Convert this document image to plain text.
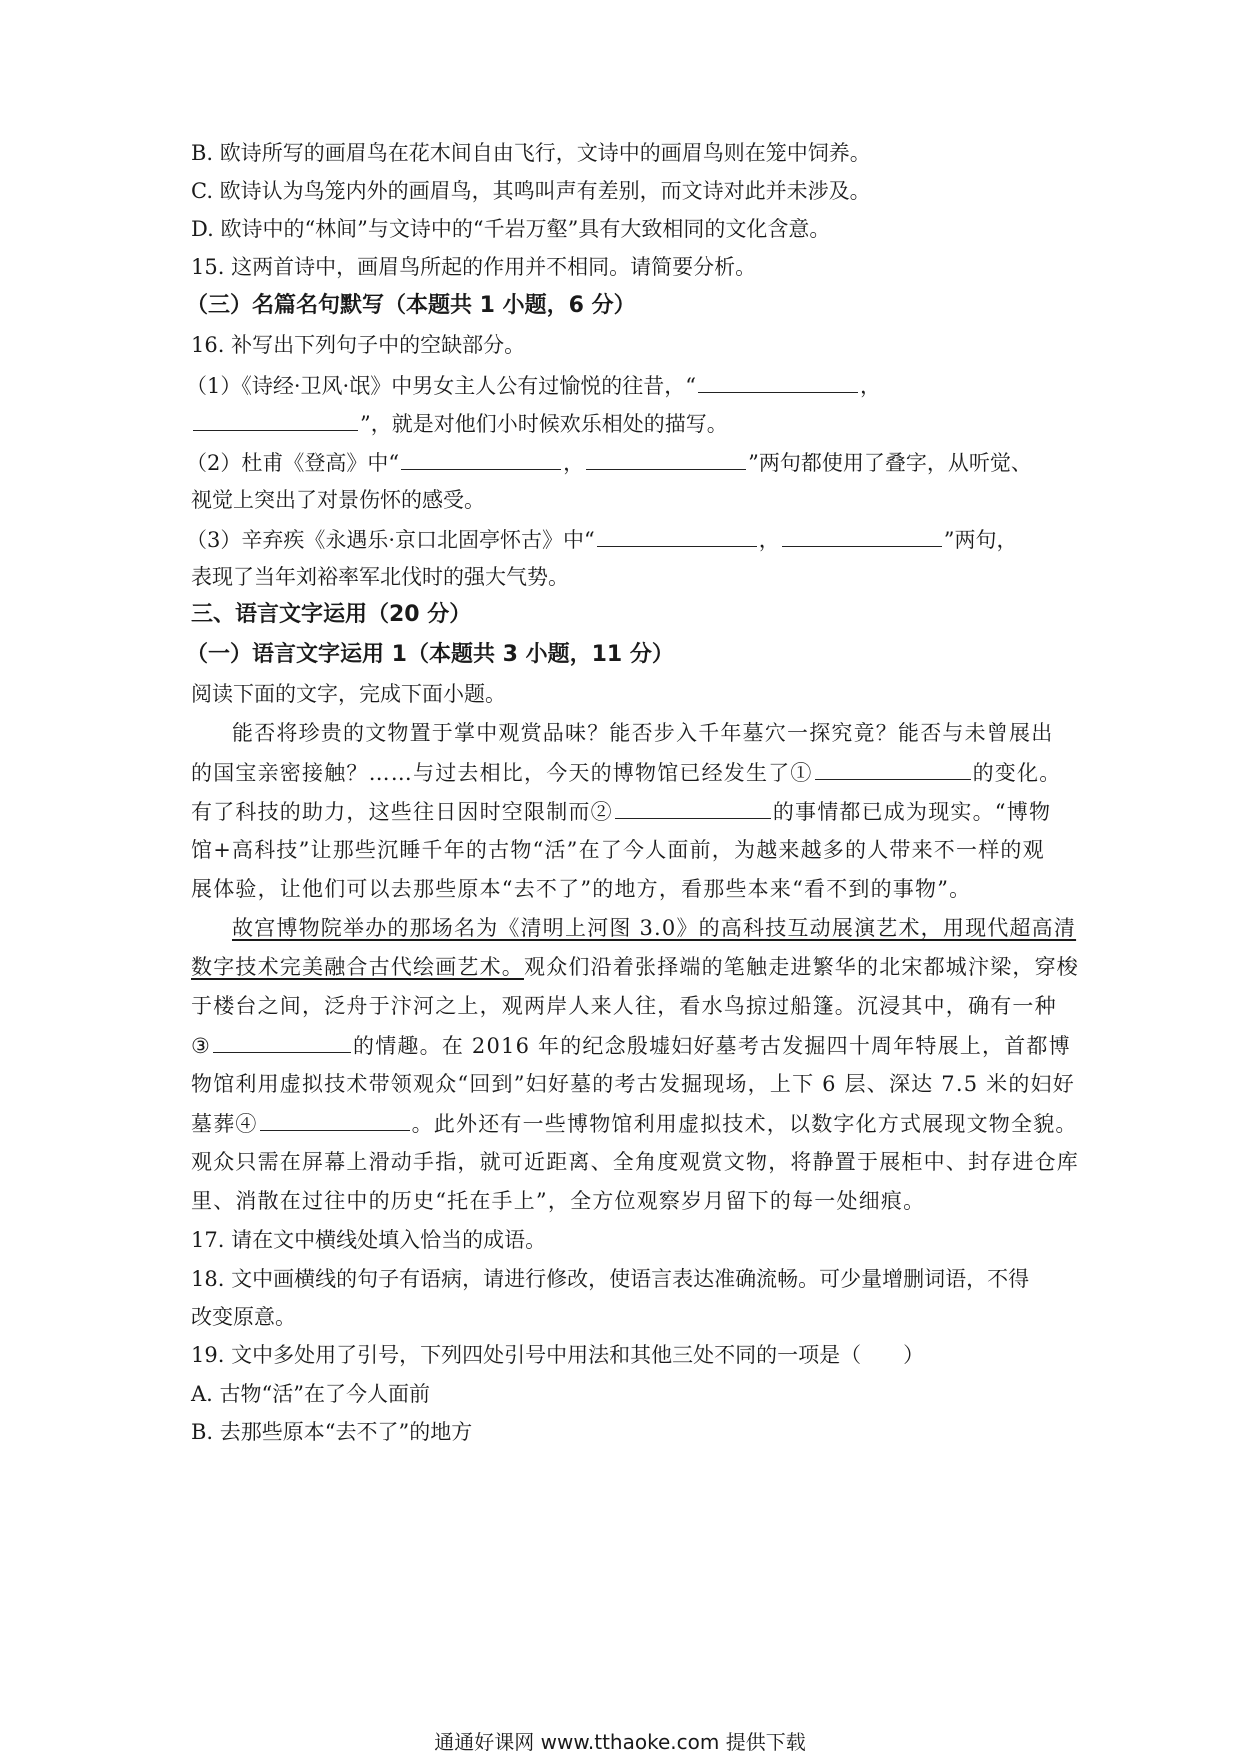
B. 欧诗所写的画眉鸟在花木间自由飞行，文诗中的画眉鸟则在笼中饲养。
C. 欧诗认为鸟笼内外的画眉鸟，其鸣叫声有差别，而文诗对此并未涉及。
D. 欧诗中的“林间”与文诗中的“千岩万壑”具有大致相同的文化含意。
15. 这两首诗中，画眉鸟所起的作用并不相同。请简要分析。
（三）名篇名句默写（本题共 1 小题，6 分）
16. 补写出下列句子中的空缺部分。
（1）《诗经·卫风·氓》中男女主人公有过愉悦的往昔，“	，
”，就是对他们小时候欢乐相处的描写。
（2）杜甫《登高》中“	，	”两句都使用了叠字，从听觉、
视觉上突出了对景伤怀的感受。
（3）辛弃疾《永遇乐·京口北固亭怀古》中“	，	”两句，
表现了当年刘裕率军北伐时的强大气势。
三、语言文字运用（20 分）
（一）语言文字运用 1（本题共 3 小题，11 分）
阅读下面的文字，完成下面小题。
能否将珍贵的文物置于掌中观赏品味？能否步入千年墓穴一探究竟？能否与未曾展出
的国宝亲密接触？……与过去相比，今天的博物馆已经发生了①	的变化。
有了科技的助力，这些往日因时空限制而②	的事情都已成为现实。“博物
馆+高科技”让那些沉睡千年的古物“活”在了今人面前，为越来越多的人带来不一样的观
展体验，让他们可以去那些原本“去不了”的地方，看那些本来“看不到的事物”。
故宫博物院举办的那场名为《清明上河图 3.0》的高科技互动展演艺术，用现代超高清
数字技术完美融合古代绘画艺术。观众们沿着张择端的笔触走进繁华的北宋都城汴梁，穿梭
于楼台之间，泛舟于汴河之上，观两岸人来人往，看水鸟掠过船篷。沉浸其中，确有一种
③	的情趣。在 2016 年的纪念殷墟妇好墓考古发掘四十周年特展上，首都博
物馆利用虚拟技术带领观众“回到”妇好墓的考古发掘现场，上下 6 层、深达 7.5 米的妇好
墓葬④	。此外还有一些博物馆利用虚拟技术，以数字化方式展现文物全貌。
观众只需在屏幕上滑动手指，就可近距离、全角度观赏文物，将静置于展柜中、封存进仓库
里、消散在过往中的历史“托在手上”，全方位观察岁月留下的每一处细痕。
17. 请在文中横线处填入恰当的成语。
18. 文中画横线的句子有语病，请进行修改，使语言表达准确流畅。可少量增删词语，不得
改变原意。
19. 文中多处用了引号，下列四处引号中用法和其他三处不同的一项是（　　）
A. 古物“活”在了今人面前
B. 去那些原本“去不了”的地方
通通好课网 www.tthaoke.com 提供下载
